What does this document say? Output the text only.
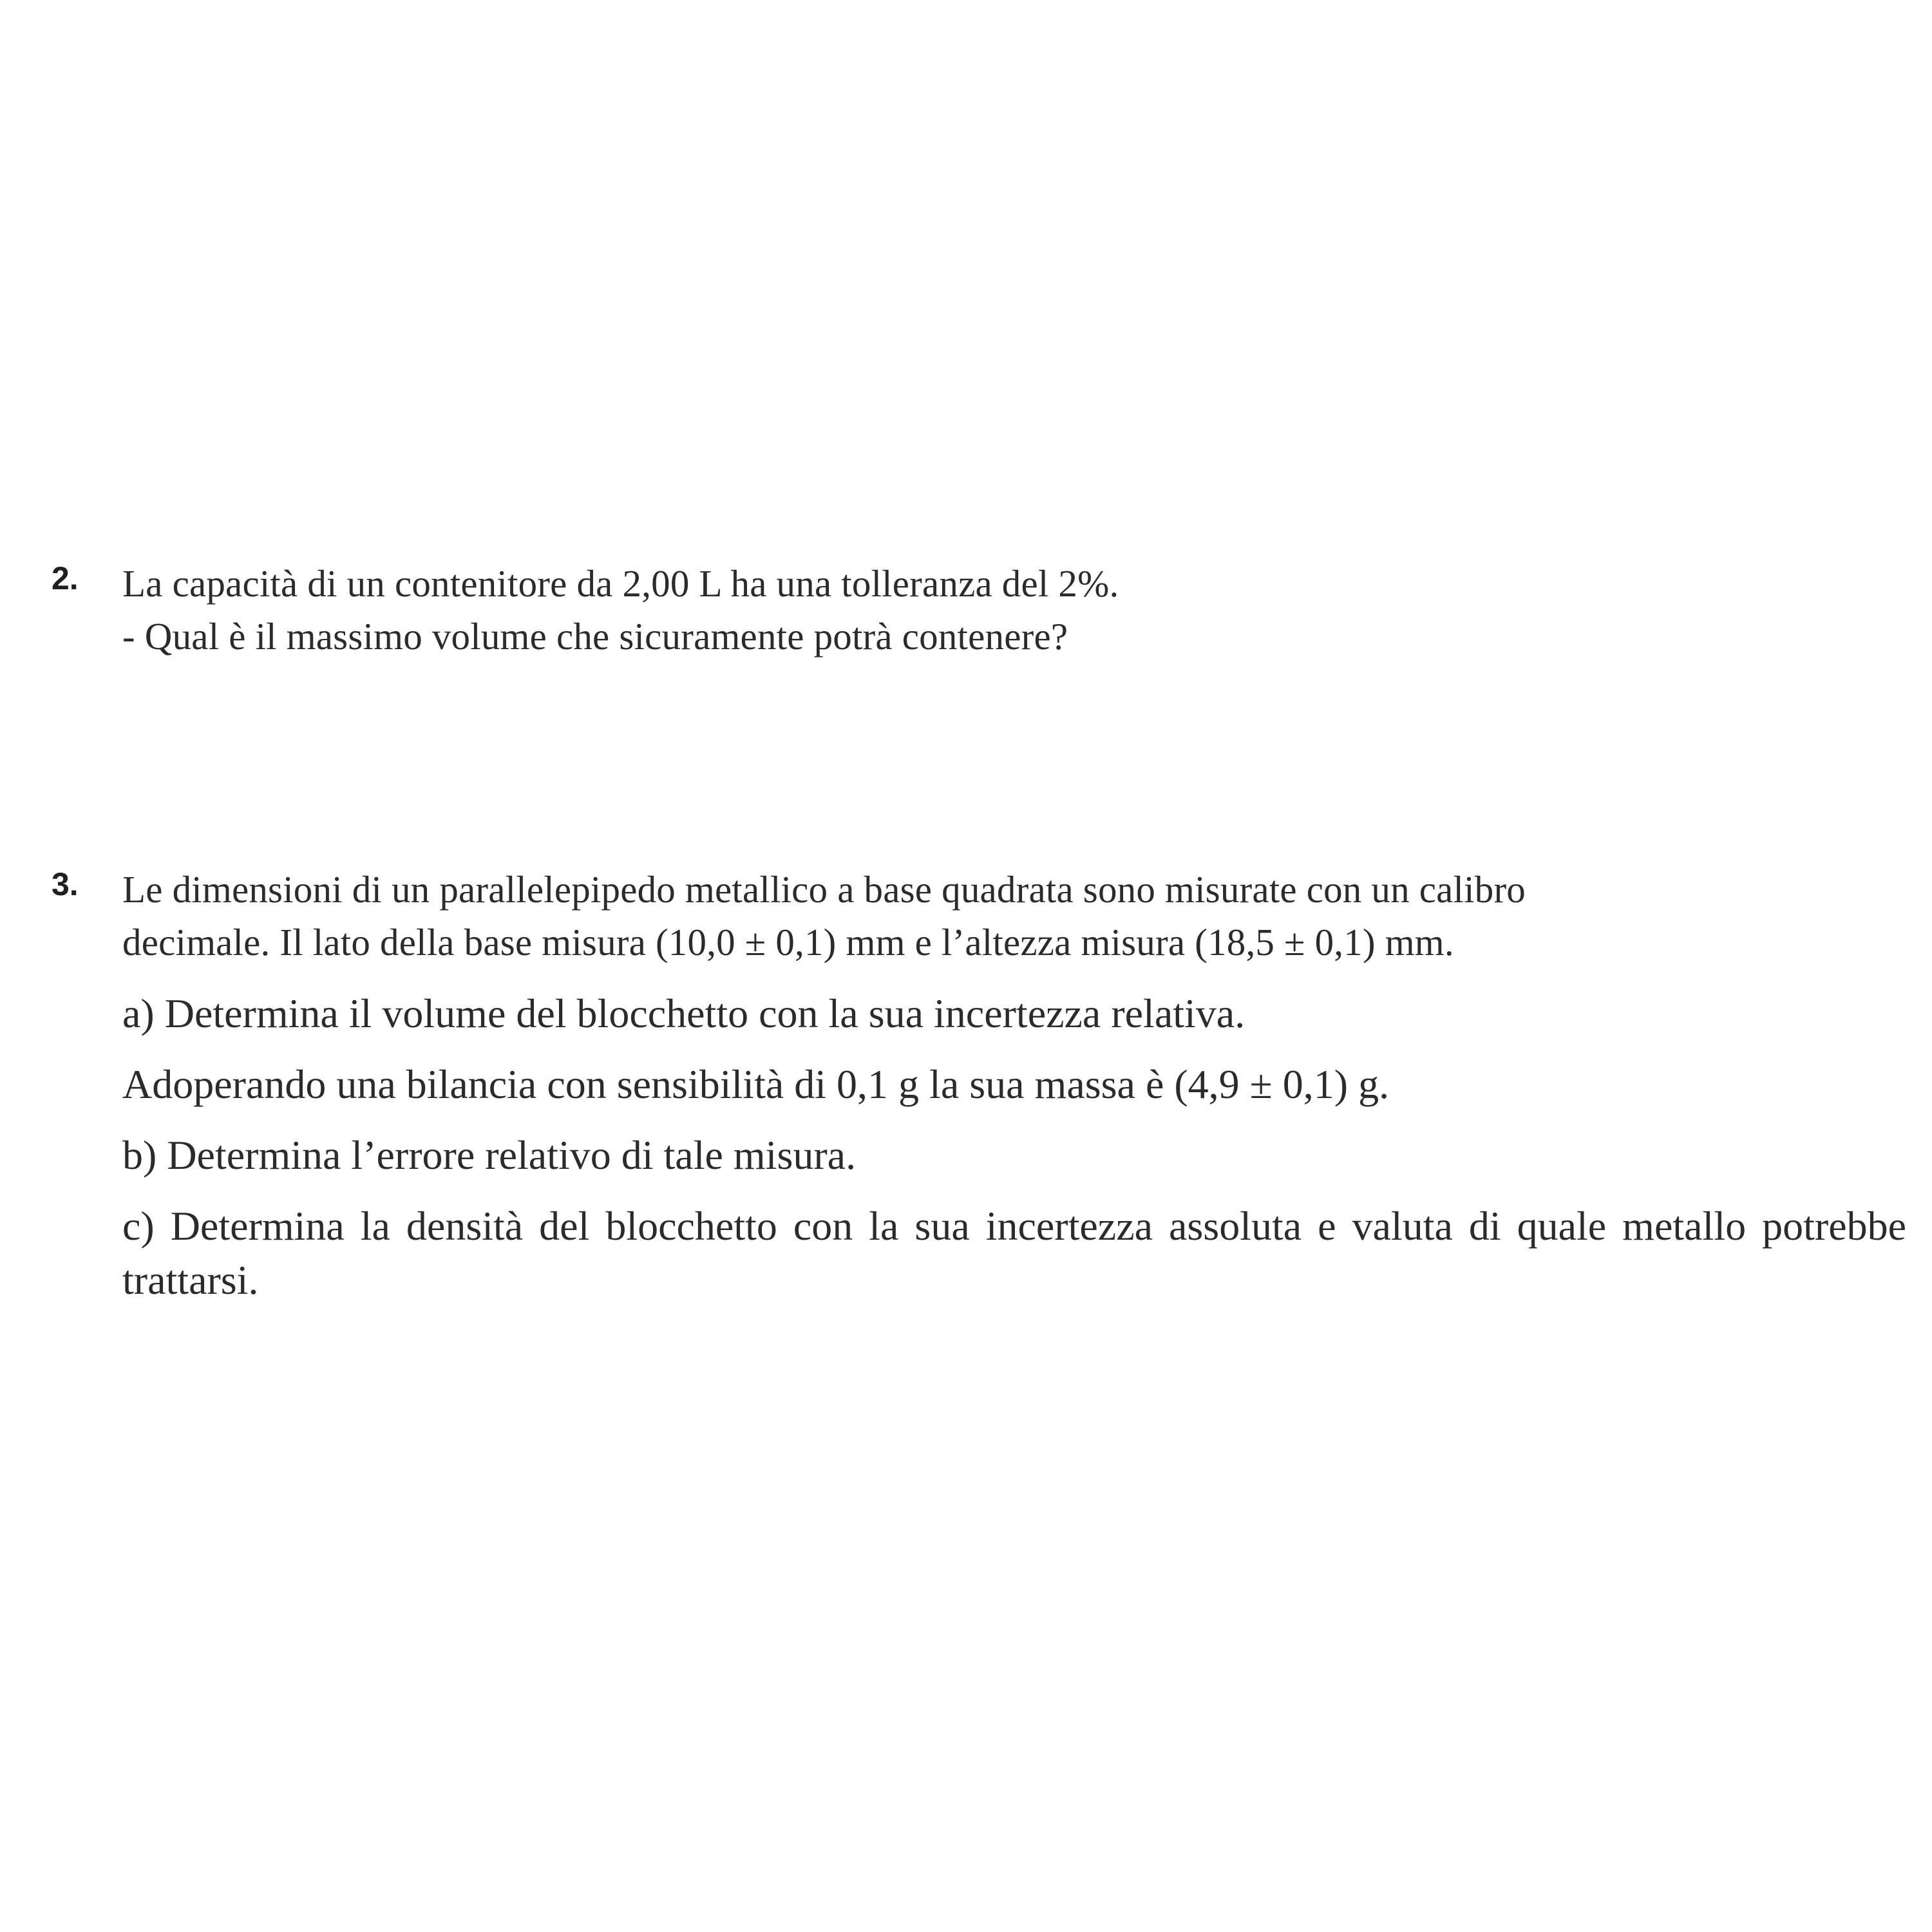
2. La capacità di un contenitore da 2,00 L ha una tolleranza del 2%.
- Qual è il massimo volume che sicuramente potrà contenere?
3. Le dimensioni di un parallelepipedo metallico a base quadrata sono misurate con un calibro
decimale. Il lato della base misura (10,0 ± 0,1) mm e l’altezza misura (18,5 ± 0,1) mm.

a) Determina il volume del blocchetto con la sua incertezza relativa.

Adoperando una bilancia con sensibilità di 0,1 g la sua massa è (4,9 ± 0,1) g.

b) Determina l’errore relativo di tale misura.

c) Determina la densità del blocchetto con la sua incertezza assoluta e valuta di quale metallo potrebbe trattarsi.
